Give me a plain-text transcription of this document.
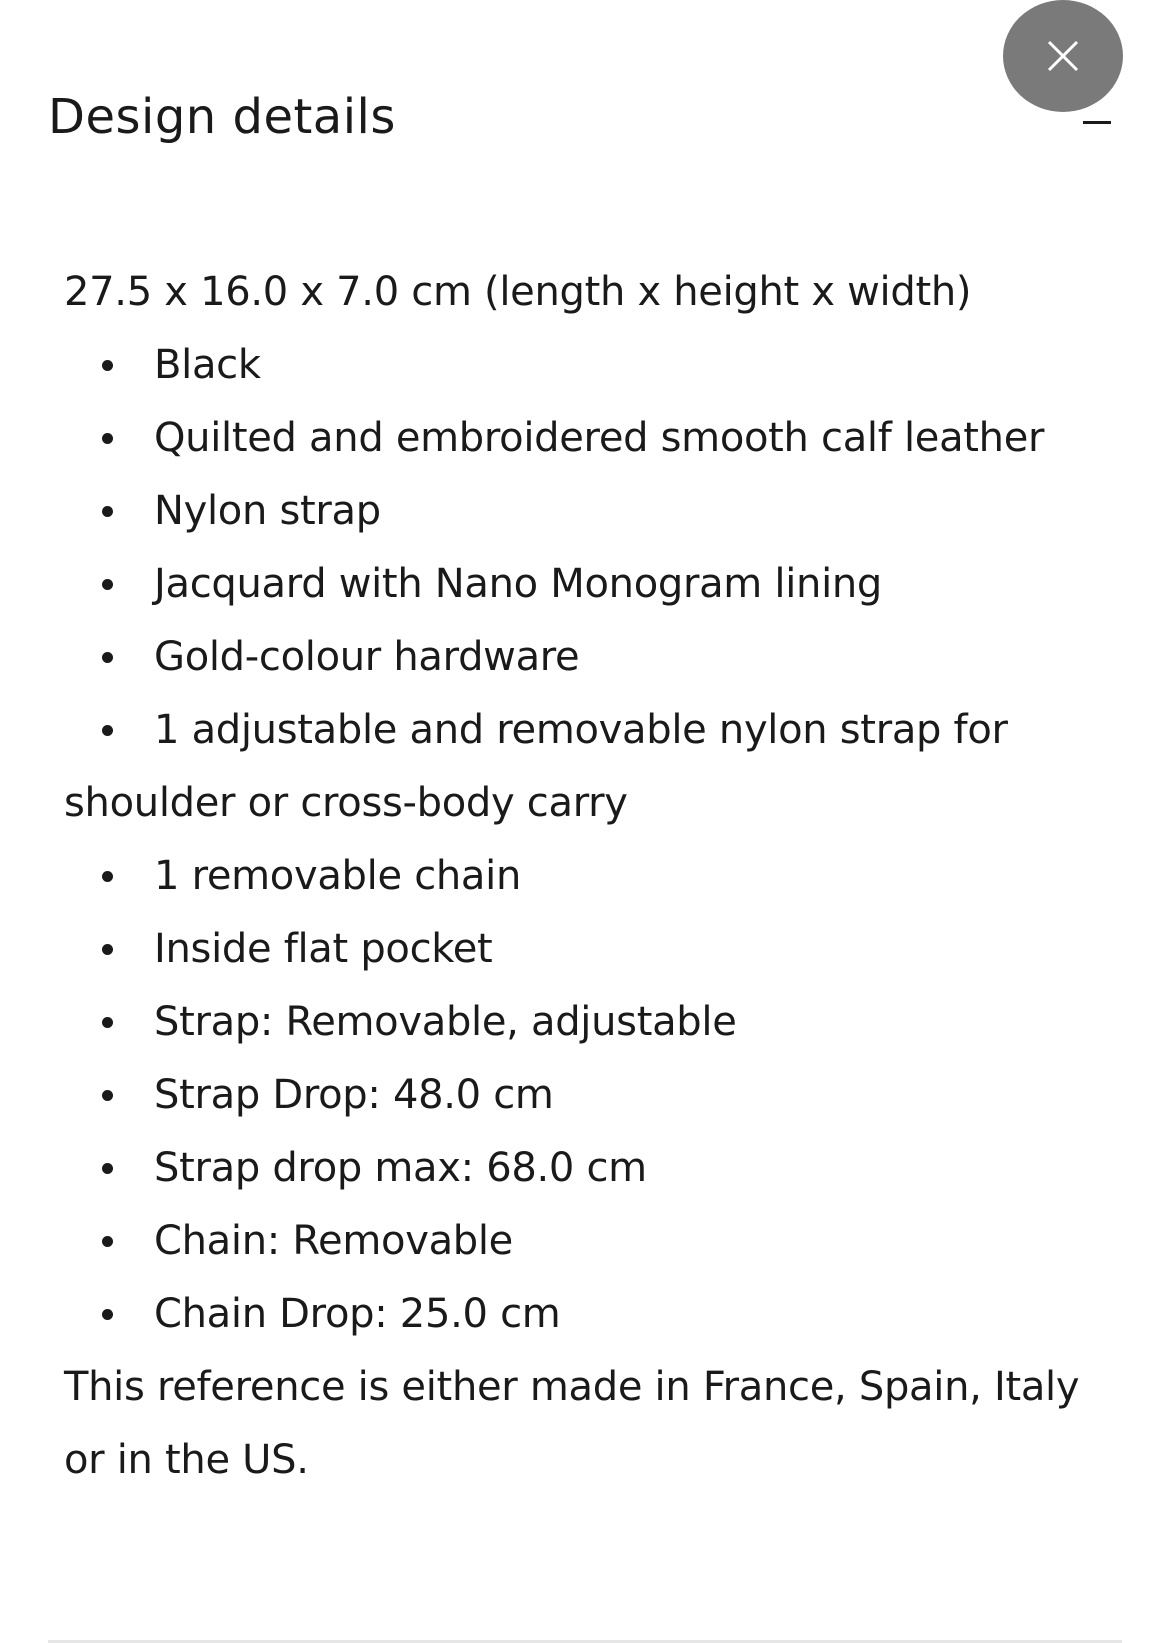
Design details

27.5 x 16.0 x 7.0 cm (length x height x width)

Black
Quilted and embroidered smooth calf leather
Nylon strap
Jacquard with Nano Monogram lining
Gold-colour hardware
1 adjustable and removable nylon strap for shoulder or cross-body carry
1 removable chain
Inside flat pocket
Strap: Removable, adjustable
Strap Drop: 48.0 cm
Strap drop max: 68.0 cm
Chain: Removable
Chain Drop: 25.0 cm

This reference is either made in France, Spain, Italy or in the US.
